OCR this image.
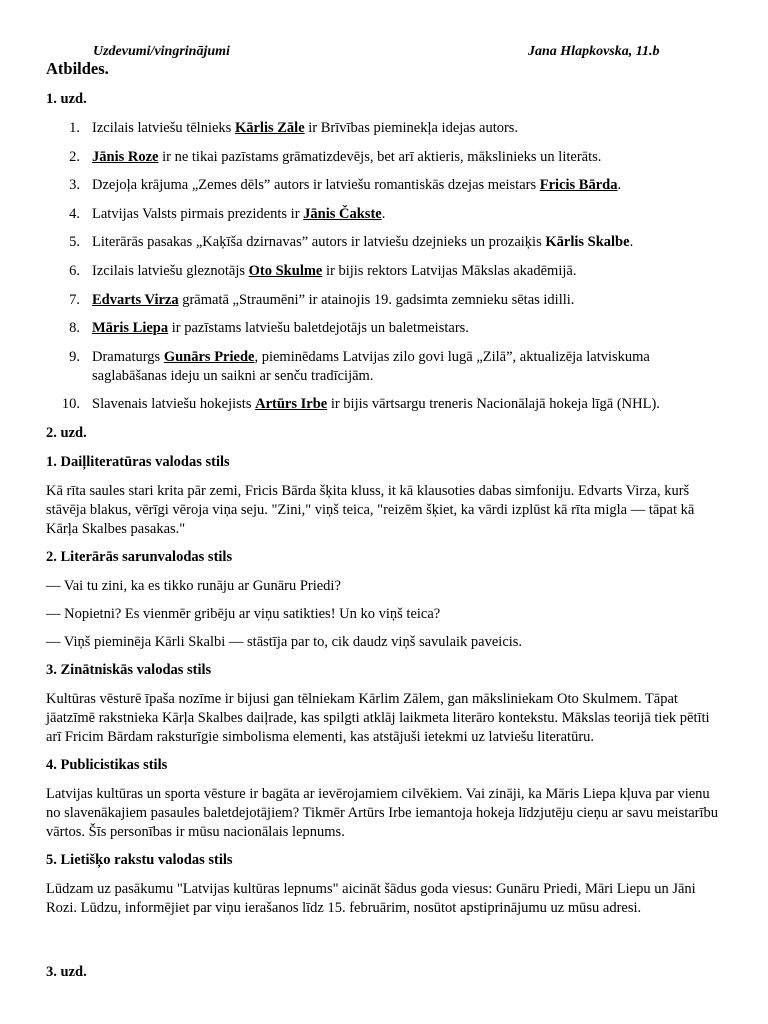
Uzdevumi/vingrinājumi	Jana Hlapkovska, 11.b
Atbildes.
1. uzd.
1. Izcilais latviešu tēlnieks Kārlis Zāle ir Brīvības pieminekļa idejas autors.
2. Jānis Roze ir ne tikai pazīstams grāmatizdevējs, bet arī aktieris, mākslinieks un literāts.
3. Dzejoļa krājuma „Zemes dēls” autors ir latviešu romantiskās dzejas meistars Fricis Bārda.
4. Latvijas Valsts pirmais prezidents ir Jānis Čakste.
5. Literārās pasakas „Kaķīša dzirnavas” autors ir latviešu dzejnieks un prozaiķis Kārlis Skalbe.
6. Izcilais latviešu gleznotājs Oto Skulme ir bijis rektors Latvijas Mākslas akadēmijā.
7. Edvarts Virza grāmatā „Straumēni” ir atainojis 19. gadsimta zemnieku sētas idilli.
8. Māris Liepa ir pazīstams latviešu baletdejotājs un baletmeistars.
9. Dramaturgs Gunārs Priede, pieminēdams Latvijas zilo govi lugā „Zilā”, aktualizēja latviskuma saglabāšanas ideju un saikni ar senču tradīcijām.
10. Slavenais latviešu hokejists Artūrs Irbe ir bijis vārtsargu treneris Nacionālajā hokeja līgā (NHL).
2. uzd.
1. Daiļliteratūras valodas stils

Kā rīta saules stari krita pār zemi, Fricis Bārda šķita kluss, it kā klausoties dabas simfoniju. Edvarts Virza, kurš stāvēja blakus, vērīgi vēroja viņa seju. "Zini," viņš teica, "reizēm šķiet, ka vārdi izplūst kā rīta migla — tāpat kā Kārļa Skalbes pasakas."

2. Literārās sarunvalodas stils

— Vai tu zini, ka es tikko runāju ar Gunāru Priedi?

— Nopietni? Es vienmēr gribēju ar viņu satikties! Un ko viņš teica?

— Viņš pieminēja Kārli Skalbi — stāstīja par to, cik daudz viņš savulaik paveicis.

3. Zinātniskās valodas stils

Kultūras vēsturē īpaša nozīme ir bijusi gan tēlniekam Kārlim Zālem, gan māksliniekam Oto Skulmem. Tāpat jāatzīmē rakstnieka Kārļa Skalbes daiļrade, kas spilgti atklāj laikmeta literāro kontekstu. Mākslas teorijā tiek pētīti arī Fricim Bārdam raksturīgie simbolisma elementi, kas atstājuši ietekmi uz latviešu literatūru.

4. Publicistikas stils

Latvijas kultūras un sporta vēsture ir bagāta ar ievērojamiem cilvēkiem. Vai zināji, ka Māris Liepa kļuva par vienu no slavenākajiem pasaules baletdejotājiem? Tikmēr Artūrs Irbe iemantoja hokeja līdzjutēju cieņu ar savu meistarību vārtos. Šīs personības ir mūsu nacionālais lepnums.

5. Lietišķo rakstu valodas stils

Lūdzam uz pasākumu "Latvijas kultūras lepnums" aicināt šādus goda viesus: Gunāru Priedi, Māri Liepu un Jāni Rozi. Lūdzu, informējiet par viņu ierašanos līdz 15. februārim, nosūtot apstiprinājumu uz mūsu adresi.

3. uzd.
